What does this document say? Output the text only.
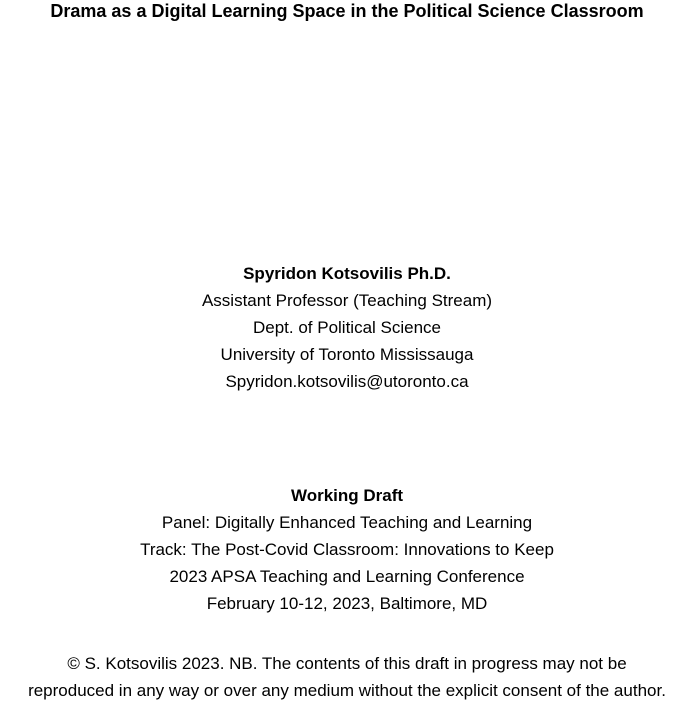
Drama as a Digital Learning Space in the Political Science Classroom
Spyridon Kotsovilis Ph.D.
Assistant Professor (Teaching Stream)
Dept. of Political Science
University of Toronto Mississauga
Spyridon.kotsovilis@utoronto.ca
Working Draft
Panel: Digitally Enhanced Teaching and Learning
Track: The Post-Covid Classroom: Innovations to Keep
2023 APSA Teaching and Learning Conference
February 10-12, 2023, Baltimore, MD
© S. Kotsovilis 2023. NB. The contents of this draft in progress may not be
reproduced in any way or over any medium without the explicit consent of the author.
